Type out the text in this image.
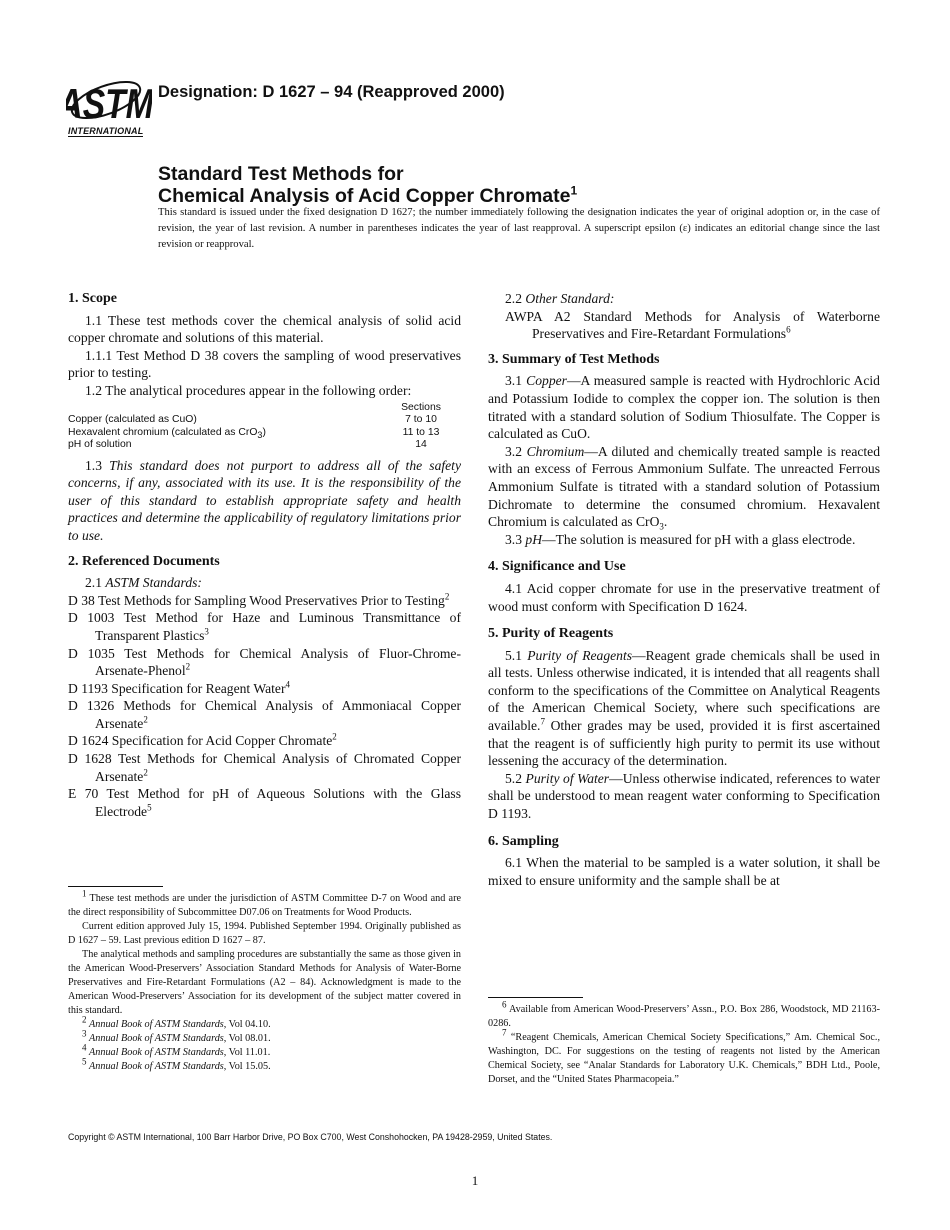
ASTM
INTERNATIONAL
Designation: D 1627 – 94 (Reapproved 2000)
Standard Test Methods for
Chemical Analysis of Acid Copper Chromate$^1$
This standard is issued under the fixed designation D 1627; the number immediately following the designation indicates the year of original adoption or, in the case of revision, the year of last revision. A number in parentheses indicates the year of last reapproval. A superscript epsilon (ε) indicates an editorial change since the last revision or reapproval.
1. Scope

1.1 These test methods cover the chemical analysis of solid acid copper chromate and solutions of this material.

1.1.1 Test Method D 38 covers the sampling of wood preservatives prior to testing.

1.2 The analytical procedures appear in the following order:

	Sections
Copper (calculated as CuO)	7 to 10
Hexavalent chromium (calculated as CrO$_3$)	11 to 13
pH of solution	14

1.3 This standard does not purport to address all of the safety concerns, if any, associated with its use. It is the responsibility of the user of this standard to establish appropriate safety and health practices and determine the applicability of regulatory limitations prior to use.

2. Referenced Documents

2.1 ASTM Standards:

D 38 Test Methods for Sampling Wood Preservatives Prior to Testing$^2$

D 1003 Test Method for Haze and Luminous Transmittance of Transparent Plastics$^3$

D 1035 Test Methods for Chemical Analysis of Fluor-Chrome-Arsenate-Phenol$^2$

D 1193 Specification for Reagent Water$^4$

D 1326 Methods for Chemical Analysis of Ammoniacal Copper Arsenate$^2$

D 1624 Specification for Acid Copper Chromate$^2$

D 1628 Test Methods for Chemical Analysis of Chromated Copper Arsenate$^2$

E 70 Test Method for pH of Aqueous Solutions with the Glass Electrode$^5$

2.2 Other Standard:

AWPA A2 Standard Methods for Analysis of Waterborne Preservatives and Fire-Retardant Formulations$^6$

3. Summary of Test Methods

3.1 Copper—A measured sample is reacted with Hydrochloric Acid and Potassium Iodide to complex the copper ion. The solution is then titrated with a standard solution of Sodium Thiosulfate. The Copper is calculated as CuO.

3.2 Chromium—A diluted and chemically treated sample is reacted with an excess of Ferrous Ammonium Sulfate. The unreacted Ferrous Ammonium Sulfate is titrated with a standard solution of Potassium Dichromate to determine the consumed chromium. Hexavalent Chromium is calculated as CrO$_3$.

3.3 pH—The solution is measured for pH with a glass electrode.

4. Significance and Use

4.1 Acid copper chromate for use in the preservative treatment of wood must conform with Specification D 1624.

5. Purity of Reagents

5.1 Purity of Reagents—Reagent grade chemicals shall be used in all tests. Unless otherwise indicated, it is intended that all reagents shall conform to the specifications of the Committee on Analytical Reagents of the American Chemical Society, where such specifications are available.$^7$ Other grades may be used, provided it is first ascertained that the reagent is of sufficiently high purity to permit its use without lessening the accuracy of the determination.

5.2 Purity of Water—Unless otherwise indicated, references to water shall be understood to mean reagent water conforming to Specification D 1193.

6. Sampling

6.1 When the material to be sampled is a water solution, it shall be mixed to ensure uniformity and the sample shall be at

$^1$ These test methods are under the jurisdiction of ASTM Committee D-7 on Wood and are the direct responsibility of Subcommittee D07.06 on Treatments for Wood Products.

Current edition approved July 15, 1994. Published September 1994. Originally published as D 1627 – 59. Last previous edition D 1627 – 87.

The analytical methods and sampling procedures are substantially the same as those given in the American Wood-Preservers’ Association Standard Methods for Analysis of Water-Borne Preservatives and Fire-Retardant Formulations (A2 – 84). Acknowledgment is made to the American Wood-Preservers’ Association for its development of the subject matter covered in this standard.

$^2$ Annual Book of ASTM Standards, Vol 04.10.

$^3$ Annual Book of ASTM Standards, Vol 08.01.

$^4$ Annual Book of ASTM Standards, Vol 11.01.

$^5$ Annual Book of ASTM Standards, Vol 15.05.

$^6$ Available from American Wood-Preservers’ Assn., P.O. Box 286, Woodstock, MD 21163-0286.

$^7$ “Reagent Chemicals, American Chemical Society Specifications,” Am. Chemical Soc., Washington, DC. For suggestions on the testing of reagents not listed by the American Chemical Society, see “Analar Standards for Laboratory U.K. Chemicals,” BDH Ltd., Poole, Dorset, and the “United States Pharmacopeia.”

Copyright © ASTM International, 100 Barr Harbor Drive, PO Box C700, West Conshohocken, PA 19428-2959, United States.
1
